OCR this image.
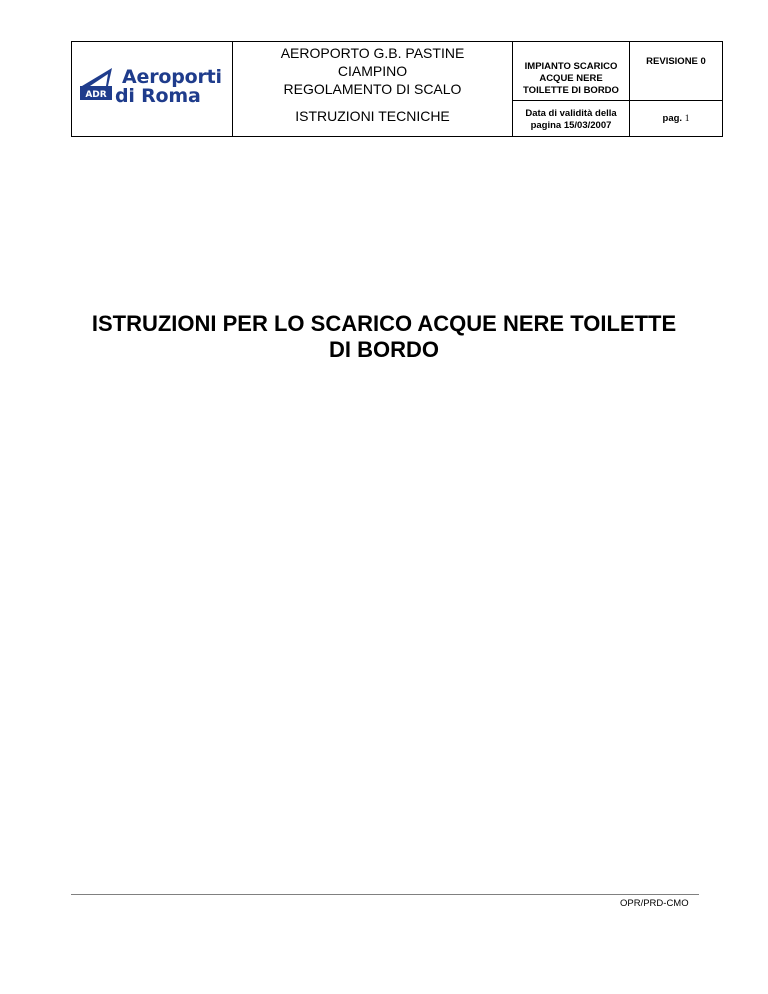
ADR
Aeroporti
di Roma
AEROPORTO G.B. PASTINE
CIAMPINO
REGOLAMENTO DI SCALO
ISTRUZIONI TECNICHE
IMPIANTO SCARICO
ACQUE NERE
TOILETTE DI BORDO
Data di validità della
pagina 15/03/2007
REVISIONE 0
pag. 1
ISTRUZIONI PER LO SCARICO ACQUE NERE TOILETTE
DI BORDO
OPR/PRD-CMO
